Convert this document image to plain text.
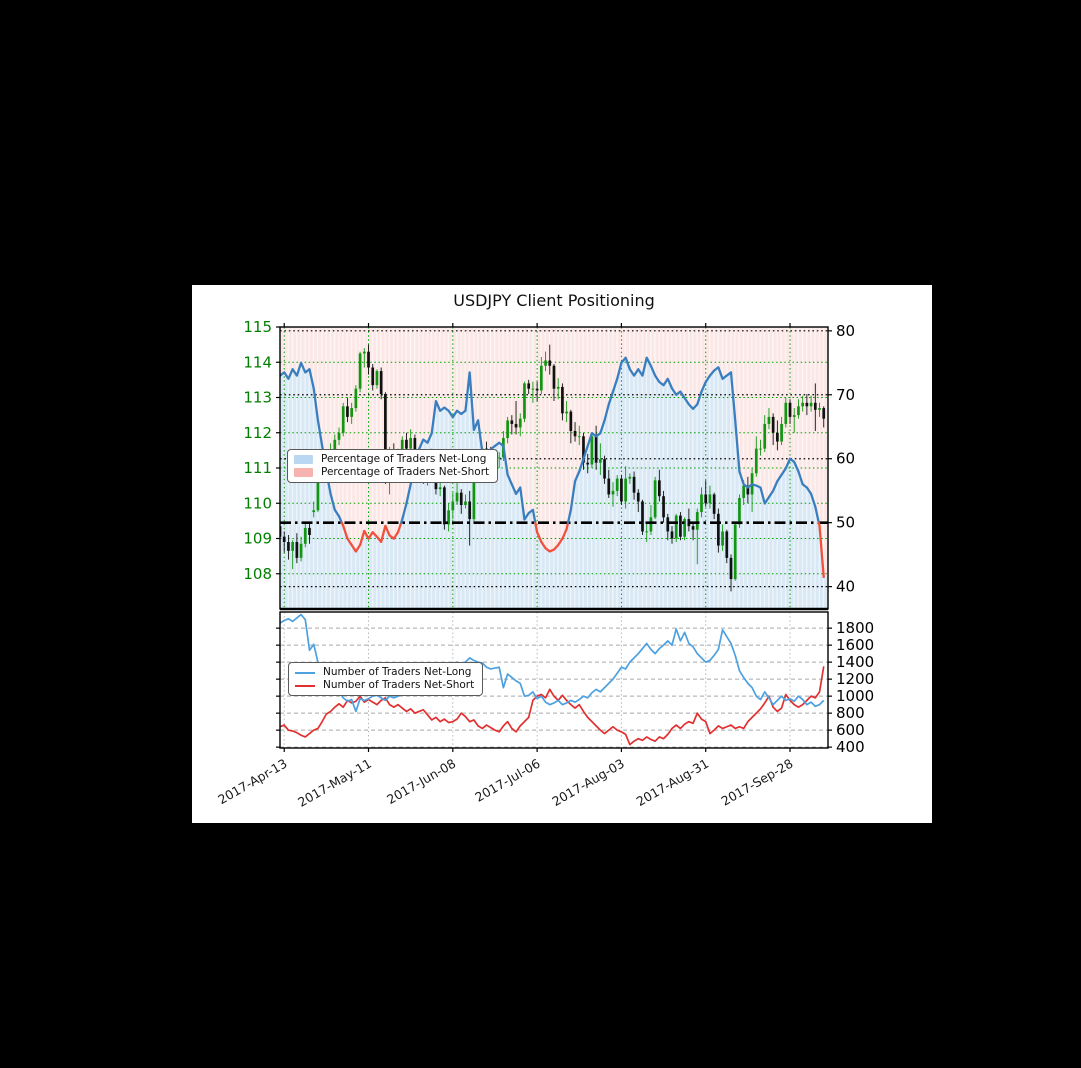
USDJPY Client Positioning
115
114
113
112
111
110
109
108
80
70
60
50
40
1800
1600
1400
1200
1000
800
600
400
2017-Apr-13 2017-May-11 2017-Jun-08 2017-Jul-06 2017-Aug-03 2017-Aug-31 2017-Sep-28
Percentage of Traders Net-Long
Percentage of Traders Net-Short
Number of Traders Net-Long
Number of Traders Net-Short
